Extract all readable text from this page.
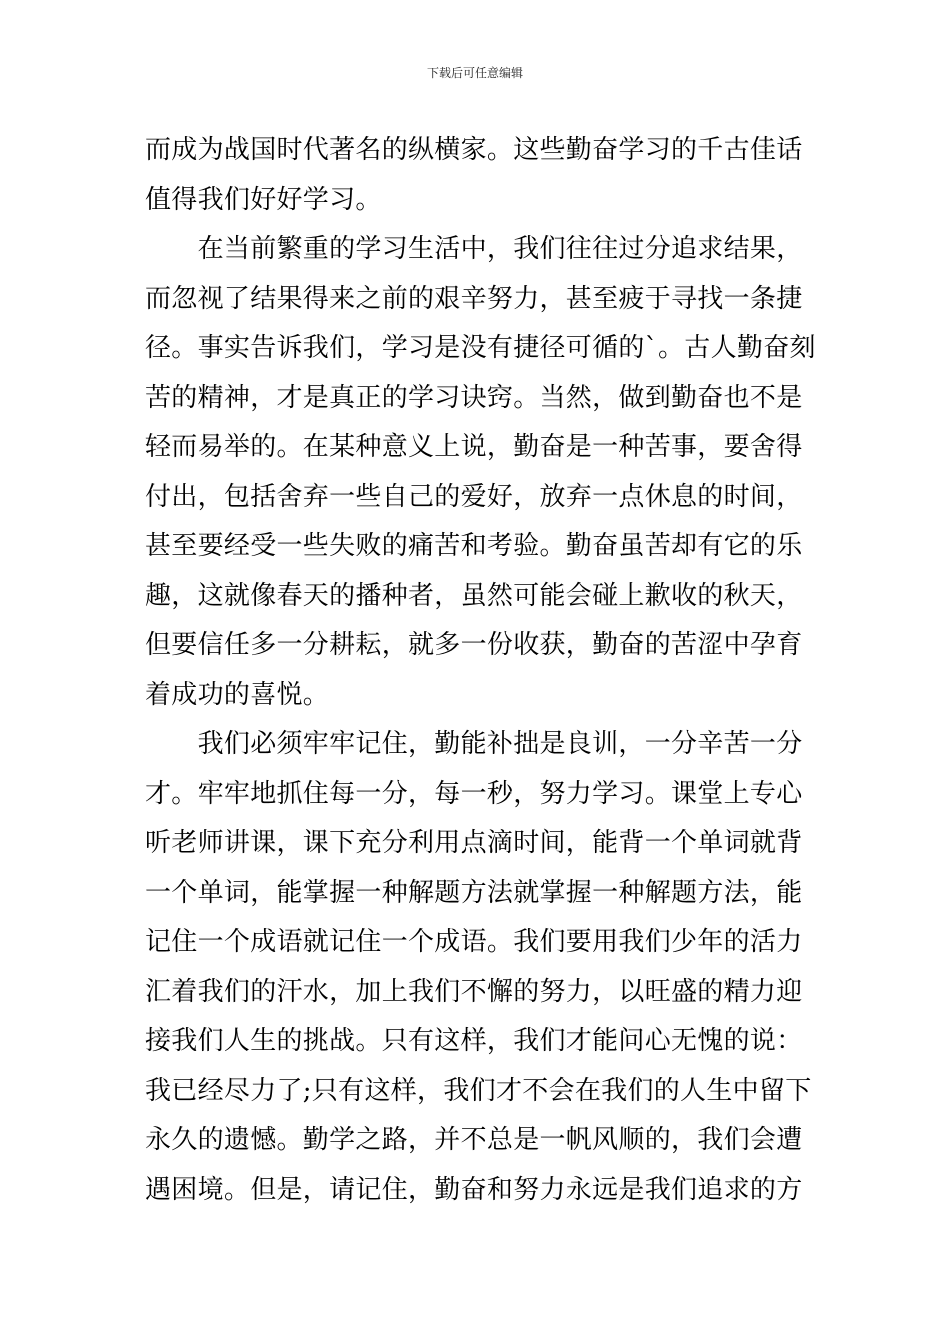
下载后可任意编辑
而成为战国时代著名的纵横家。这些勤奋学习的千古佳话
值得我们好好学习。
　　在当前繁重的学习生活中，我们往往过分追求结果，
而忽视了结果得来之前的艰辛努力，甚至疲于寻找一条捷
径。事实告诉我们，学习是没有捷径可循的`。古人勤奋刻
苦的精神，才是真正的学习诀窍。当然，做到勤奋也不是
轻而易举的。在某种意义上说，勤奋是一种苦事，要舍得
付出，包括舍弃一些自己的爱好，放弃一点休息的时间，
甚至要经受一些失败的痛苦和考验。勤奋虽苦却有它的乐
趣，这就像春天的播种者，虽然可能会碰上歉收的秋天，
但要信任多一分耕耘，就多一份收获，勤奋的苦涩中孕育
着成功的喜悦。
　　我们必须牢牢记住，勤能补拙是良训，一分辛苦一分
才。牢牢地抓住每一分，每一秒，努力学习。课堂上专心
听老师讲课，课下充分利用点滴时间，能背一个单词就背
一个单词，能掌握一种解题方法就掌握一种解题方法，能
记住一个成语就记住一个成语。我们要用我们少年的活力
汇着我们的汗水，加上我们不懈的努力，以旺盛的精力迎
接我们人生的挑战。只有这样，我们才能问心无愧的说：
我已经尽力了;只有这样，我们才不会在我们的人生中留下
永久的遗憾。勤学之路，并不总是一帆风顺的，我们会遭
遇困境。但是，请记住，勤奋和努力永远是我们追求的方
